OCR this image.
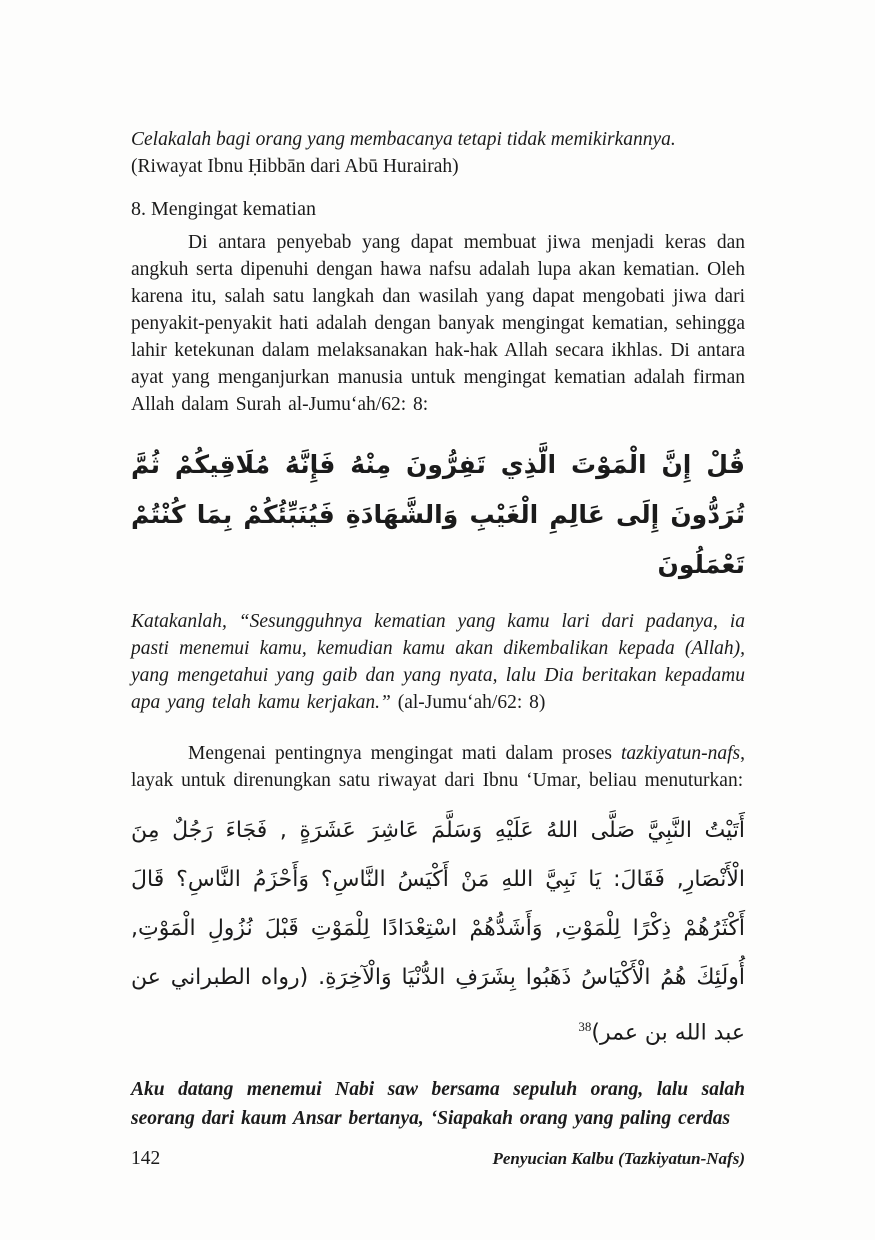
Celakalah bagi orang yang membacanya tetapi tidak memikirkannya.
(Riwayat Ibnu Ḥibbān dari Abū Hurairah)

8. Mengingat kematian

Di antara penyebab yang dapat membuat jiwa menjadi keras dan angkuh serta dipenuhi dengan hawa nafsu adalah lupa akan kematian. Oleh karena itu, salah satu langkah dan wasilah yang dapat mengobati jiwa dari penyakit-penyakit hati adalah dengan banyak mengingat kematian, sehingga lahir ketekunan dalam melaksanakan hak-hak Allah secara ikhlas. Di antara ayat yang menganjurkan manusia untuk mengingat kematian adalah firman Allah dalam Surah al-Jumu‘ah/62: 8:

قُلْ إِنَّ الْمَوْتَ الَّذِي تَفِرُّونَ مِنْهُ فَإِنَّهُ مُلَاقِيكُمْ ثُمَّ تُرَدُّونَ إِلَى عَالِمِ الْغَيْبِ وَالشَّهَادَةِ فَيُنَبِّئُكُمْ بِمَا كُنْتُمْ تَعْمَلُونَ

Katakanlah, “Sesungguhnya kematian yang kamu lari dari padanya, ia pasti menemui kamu, kemudian kamu akan dikembalikan kepada (Allah), yang mengetahui yang gaib dan yang nyata, lalu Dia beritakan kepadamu apa yang telah kamu kerjakan.” (al-Jumu‘ah/62: 8)

Mengenai pentingnya mengingat mati dalam proses tazkiyatun-nafs, layak untuk direnungkan satu riwayat dari Ibnu ‘Umar, beliau menuturkan:

أَتَيْتُ النَّبِيَّ صَلَّى اللهُ عَلَيْهِ وَسَلَّمَ عَاشِرَ عَشَرَةٍ , فَجَاءَ رَجُلٌ مِنَ الْأَنْصَارِ, فَقَالَ: يَا نَبِيَّ اللهِ مَنْ أَكْيَسُ النَّاسِ؟ وَأَحْزَمُ النَّاسِ؟ قَالَ أَكْثَرُهُمْ ذِكْرًا لِلْمَوْتِ, وَأَشَدُّهُمْ اسْتِعْدَادًا لِلْمَوْتِ قَبْلَ نُزُولِ الْمَوْتِ, أُولَئِكَ هُمُ الْأَكْيَاسُ ذَهَبُوا بِشَرَفِ الدُّنْيَا وَالْآخِرَةِ. (رواه الطبراني عن عبد الله بن عمر)$^{38}$

Aku datang menemui Nabi saw bersama sepuluh orang, lalu salah seorang dari kaum Ansar bertanya, ‘Siapakah orang yang paling cerdas

142	Penyucian Kalbu (Tazkiyatun-Nafs)
